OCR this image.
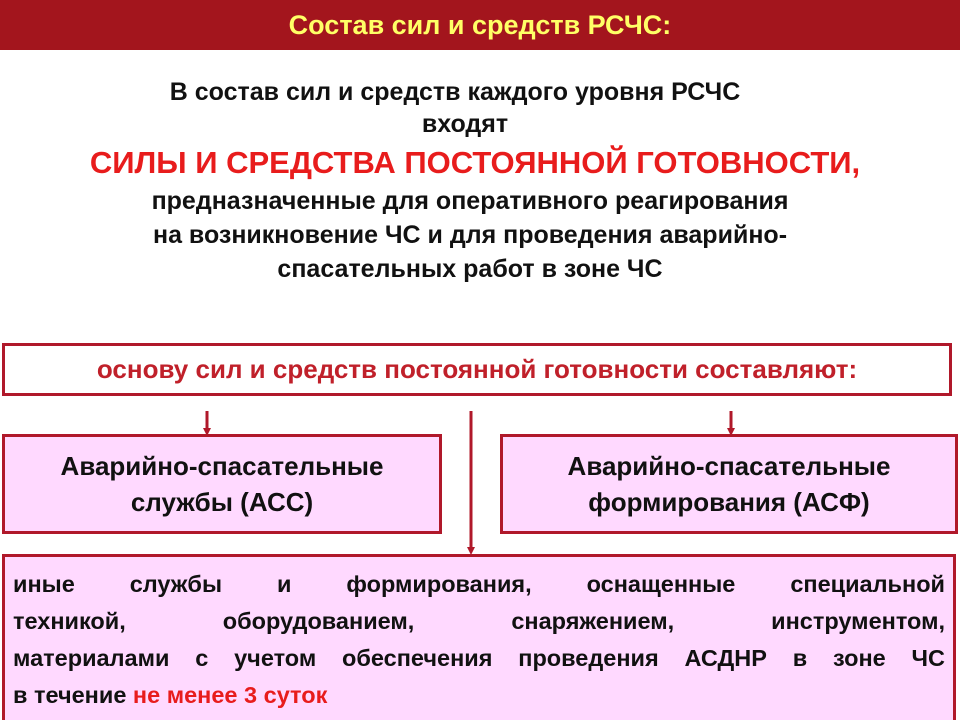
Состав сил и средств РСЧС:
В состав сил и средств каждого уровня РСЧС
входят
СИЛЫ И СРЕДСТВА ПОСТОЯННОЙ ГОТОВНОСТИ,
предназначенные для оперативного реагирования
на возникновение ЧС и для проведения аварийно-
спасательных работ в зоне ЧС
основу сил и средств постоянной готовности составляют:
Аварийно-спасательные
службы (АСС)
Аварийно-спасательные
формирования (АСФ)
иные службы и формирования, оснащенные специальной
техникой, оборудованием, снаряжением, инструментом,
материалами с учетом обеспечения проведения АСДНР в зоне ЧС
в течение не менее 3 суток
